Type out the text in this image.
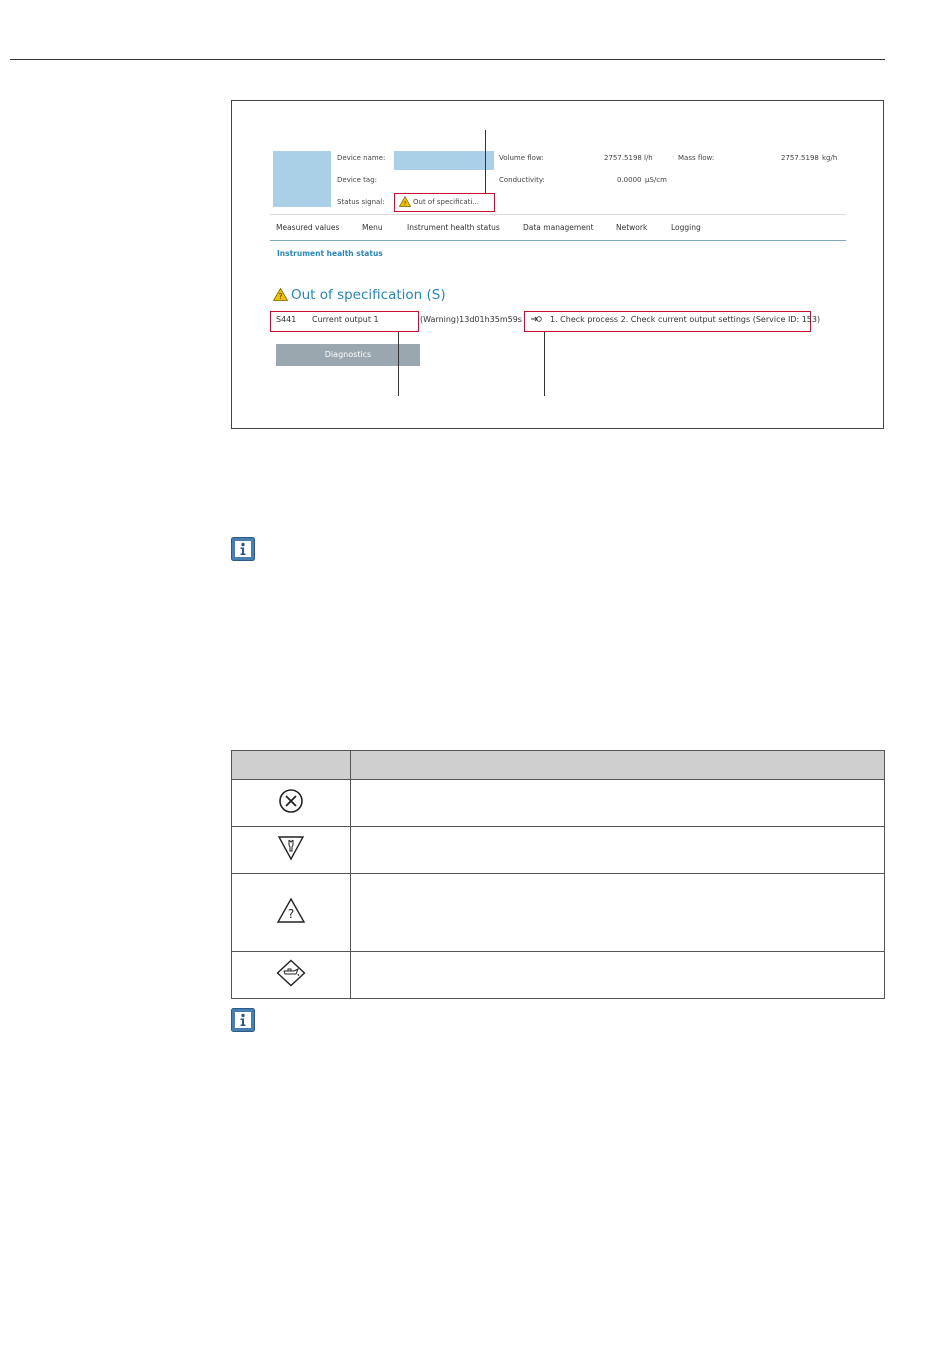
Device name:
Device tag:
Status signal:	? Out of specificati...
Volume flow:	2757.5198 l/h	Mass flow:	2757.5198 kg/h
Conductivity:	0.0000 µS/cm
Measured values	Menu	Instrument health status	Data management	Network	Logging
Instrument health status
? Out of specification (S)
S441 Current output 1	(Warning)13d01h35m59s	1. Check process 2. Check current output settings (Service ID: 153)
Diagnostics

?	
